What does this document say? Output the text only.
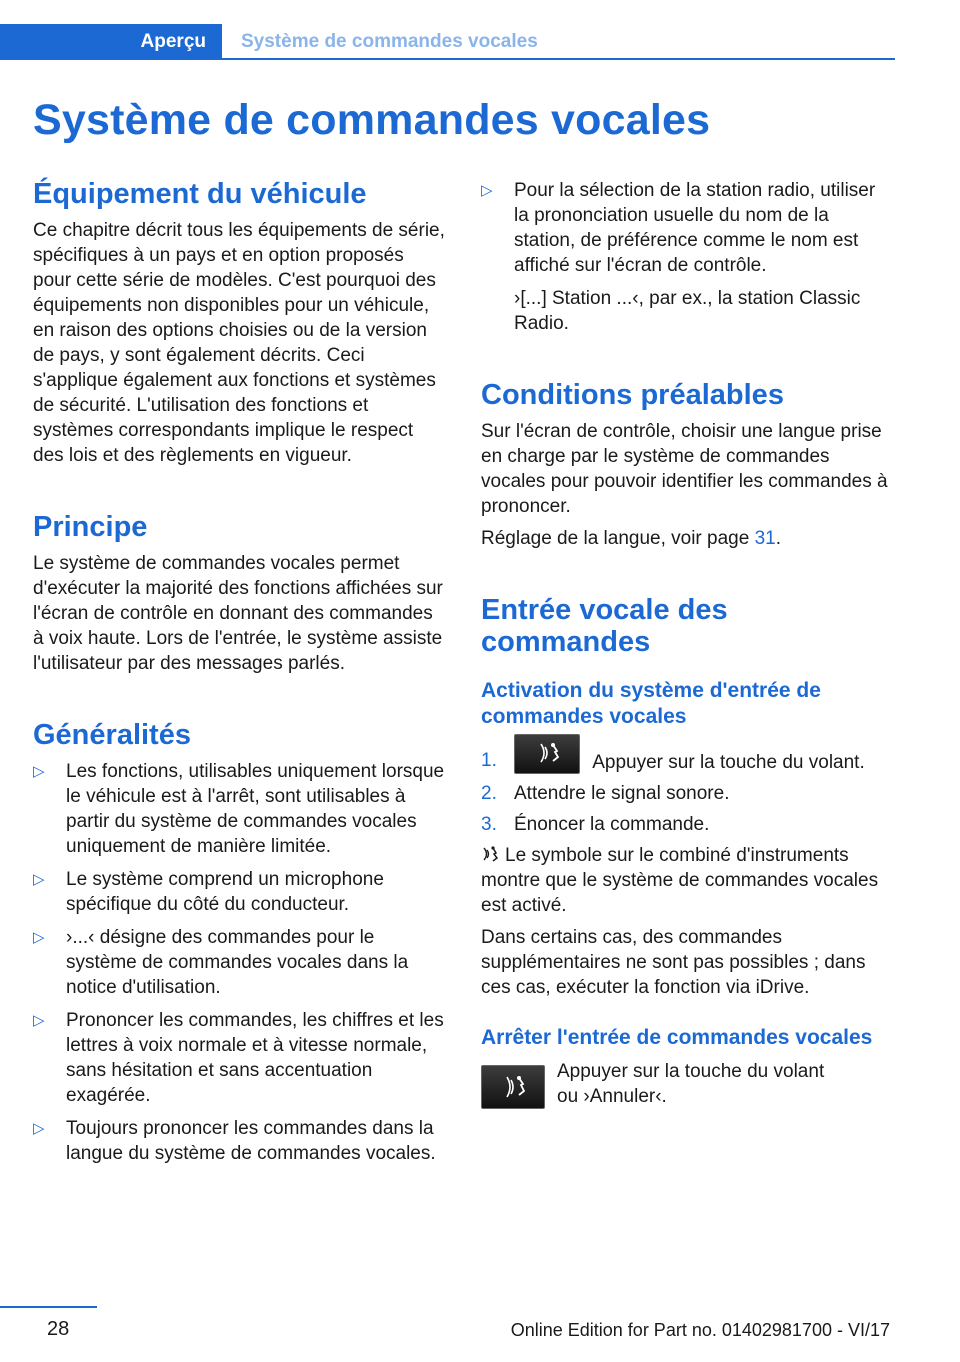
Aperçu Système de commandes vocales
Système de commandes vocales
Équipement du véhicule

Ce chapitre décrit tous les équipements de série, spécifiques à un pays et en option proposés pour cette série de modèles. C'est pourquoi des équipements non disponibles pour un véhicule, en raison des options choisies ou de la version de pays, y sont également décrits. Ceci s'applique également aux fonctions et systèmes de sécurité. L'utilisation des fonctions et systèmes correspondants implique le respect des lois et des règlements en vigueur.

Principe

Le système de commandes vocales permet d'exécuter la majorité des fonctions affichées sur l'écran de contrôle en donnant des commandes à voix haute. Lors de l'entrée, le système assiste l'utilisateur par des messages parlés.

Généralités
▷ Les fonctions, utilisables uniquement lorsque le véhicule est à l'arrêt, sont utilisables à partir du système de commandes vocales uniquement de manière limitée.
▷ Le système comprend un microphone spécifique du côté du conducteur.
▷ ›...‹ désigne des commandes pour le système de commandes vocales dans la notice d'utilisation.
▷ Prononcer les commandes, les chiffres et les lettres à voix normale et à vitesse normale, sans hésitation et sans accentuation exagérée.
▷ Toujours prononcer les commandes dans la langue du système de commandes vocales.
▷ Pour la sélection de la station radio, utiliser la prononciation usuelle du nom de la station, de préférence comme le nom est affiché sur l'écran de contrôle.

›[...] Station ...‹, par ex., la station Classic Radio.

Conditions préalables

Sur l'écran de contrôle, choisir une langue prise en charge par le système de commandes vocales pour pouvoir identifier les commandes à prononcer.

Réglage de la langue, voir page 31.

Entrée vocale des commandes
Activation du système d'entrée de commandes vocales
1.	Appuyer sur la touche du volant.
2. Attendre le signal sonore.
3. Énoncer la commande.

Le symbole sur le combiné d'instruments montre que le système de commandes vocales est activé.

Dans certains cas, des commandes supplémentaires ne sont pas possibles ; dans ces cas, exécuter la fonction via iDrive.

Arrêter l'entrée de commandes vocales

Appuyer sur la touche du volant ou ›Annuler‹.

28	Online Edition for Part no. 01402981700 - VI/17
